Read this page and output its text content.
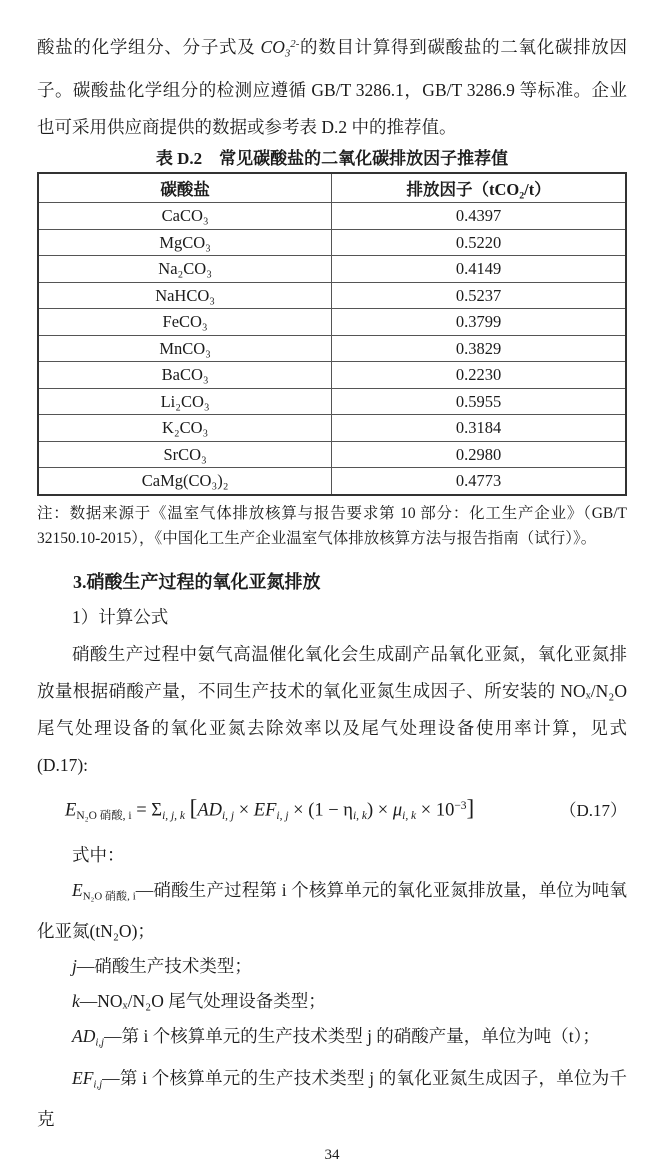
酸盐的化学组分、分子式及 $CO3^{2-}$的数目计算得到碳酸盐的二氧化碳排放因子。碳酸盐化学组分的检测应遵循 GB/T 3286.1，GB/T 3286.9 等标准。企业也可采用供应商提供的数据或参考表 D.2 中的推荐值。

表 D.2　常见碳酸盐的二氧化碳排放因子推荐值

碳酸盐	排放因子（tCO₂/t）
CaCO₃	0.4397
MgCO₃	0.5220
Na₂CO₃	0.4149
NaHCO₃	0.5237
FeCO₃	0.3799
MnCO₃	0.3829
BaCO₃	0.2230
Li₂CO₃	0.5955
K₂CO₃	0.3184
SrCO₃	0.2980
CaMg(CO₃)₂	0.4773

注：数据来源于《温室气体排放核算与报告要求第 10 部分：化工生产企业》（GB/T 32150.10-2015），《中国化工生产企业温室气体排放核算方法与报告指南（试行）》。

3.硝酸生产过程的氧化亚氮排放

1）计算公式

硝酸生产过程中氨气高温催化氧化会生成副产品氧化亚氮，氧化亚氮排放量根据硝酸产量，不同生产技术的氧化亚氮生成因子、所安装的 NOₓ/N₂O 尾气处理设备的氧化亚氮去除效率以及尾气处理设备使用率计算，见式(D.17):

EN₂O 硝酸, i = Σi, j, k [ADi, j × EFi, j × (1 − ηi, k) × μi, $k \times 10^{-3}$]	（D.17）

式中：

EN₂O 硝酸, i—硝酸生产过程第 i 个核算单元的氧化亚氮排放量，单位为吨氧化亚氮(tN₂O)；

j—硝酸生产技术类型；

k—NOₓ/N₂O 尾气处理设备类型；

ADi,j—第 i 个核算单元的生产技术类型 j 的硝酸产量，单位为吨（t）；

EFi,j—第 i 个核算单元的生产技术类型 j 的氧化亚氮生成因子，单位为千克

34
